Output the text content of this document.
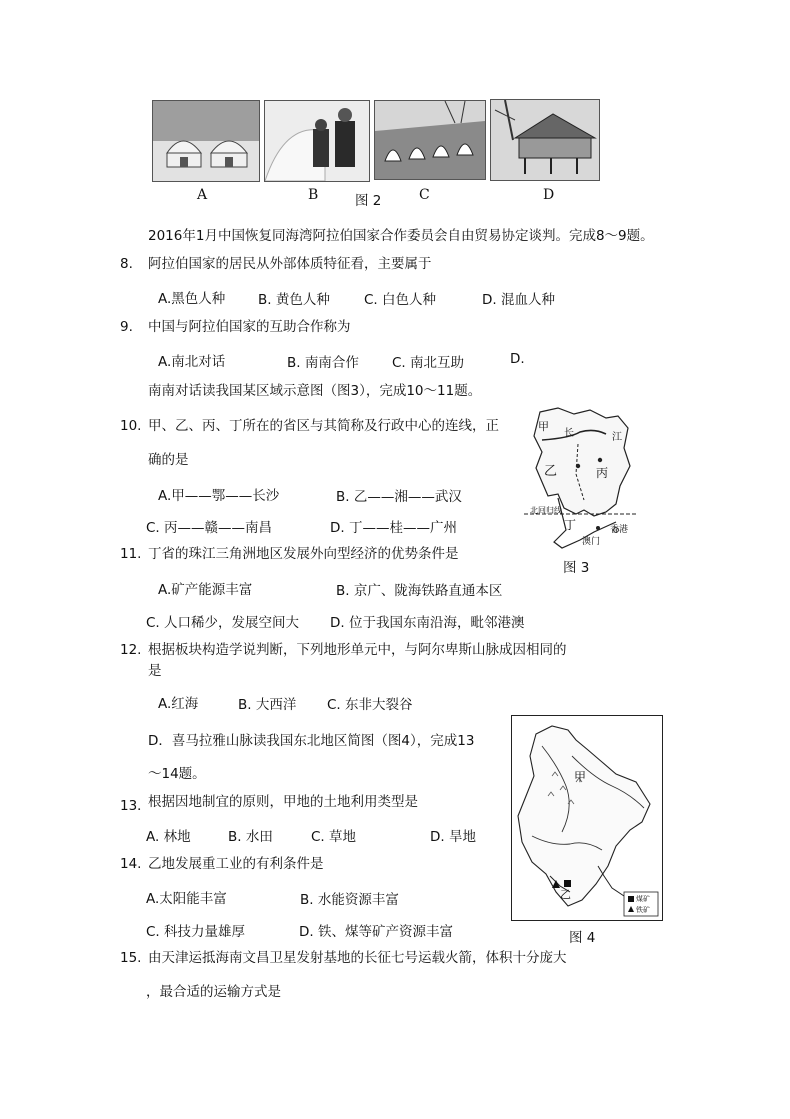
A	B	C	D
图 2
2016年1月中国恢复同海湾阿拉伯国家合作委员会自由贸易协定谈判。完成8～9题。
8. 阿拉伯国家的居民从外部体质特征看，主要属于
A.黑色人种 B. 黄色人种	C. 白色人种	D. 混血人种
9. 中国与阿拉伯国家的互助合作称为
A.南北对话	B. 南南合作 C. 南北互助	D.
南南对话读我国某区域示意图（图3），完成10～11题。
10. 甲、乙、丙、丁所在的省区与其简称及行政中心的连线，正
确的是
A.甲——鄂——长沙	B. 乙——湘——武汉
C. 丙——赣——南昌	D. 丁——桂——广州
甲
长	江
乙	丙
北回归线
丁	香港
澳门
图 3
11. 丁省的珠江三角洲地区发展外向型经济的优势条件是
A.矿产能源丰富	B. 京广、陇海铁路直通本区
C. 人口稀少，发展空间大 D. 位于我国东南沿海，毗邻港澳
12. 根据板块构造学说判断，下列地形单元中，与阿尔卑斯山脉成因相同的
是
A.红海	B. 大西洋 C. 东非大裂谷
D．喜马拉雅山脉读我国东北地区简图（图4），完成13
～14题。	甲
乙	煤矿
铁矿
图 4
13．
根据因地制宜的原则，甲地的土地利用类型是
A. 林地	B. 水田	C. 草地	D. 旱地
14. 乙地发展重工业的有利条件是
A.太阳能丰富	B. 水能资源丰富
C. 科技力量雄厚	D. 铁、煤等矿产资源丰富
15. 由天津运抵海南文昌卫星发射基地的长征七号运载火箭，体积十分庞大
，最合适的运输方式是
